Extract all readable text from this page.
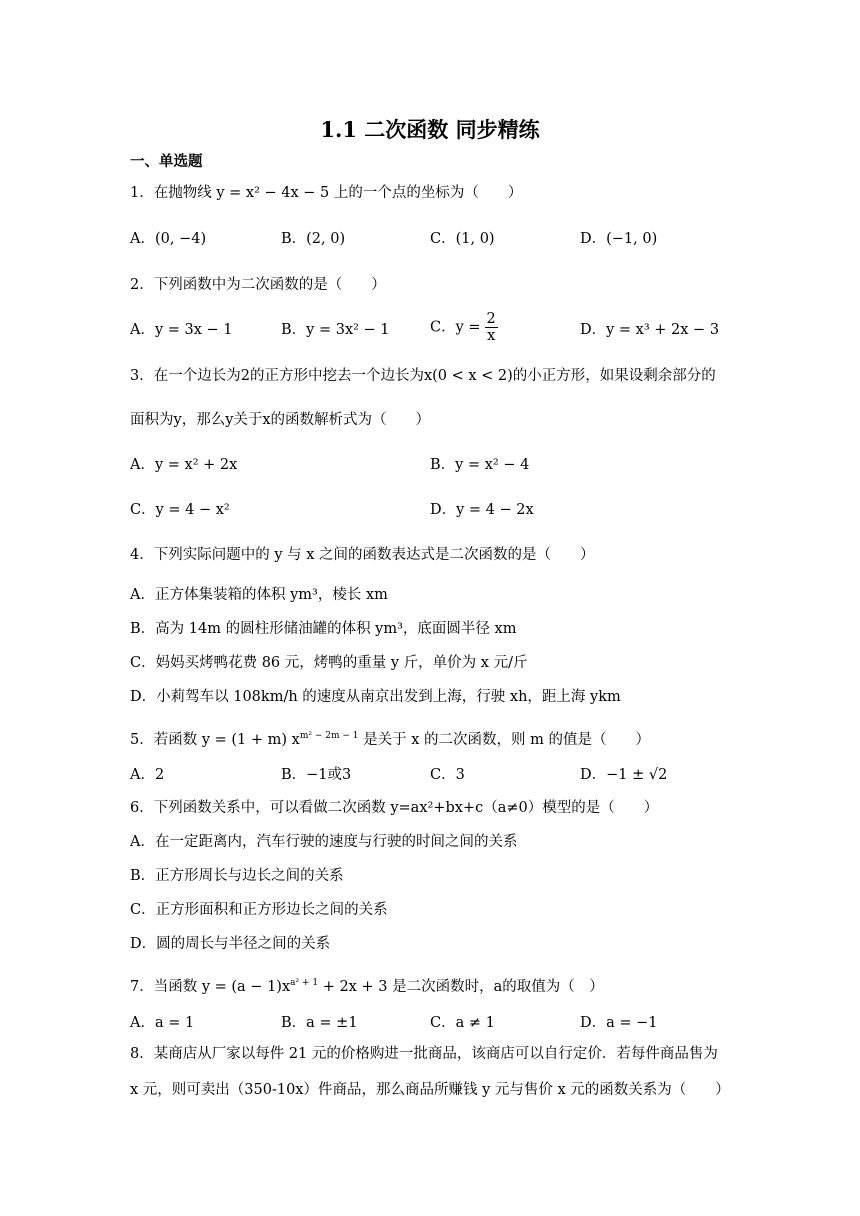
1.1 二次函数 同步精练
一、单选题
1．在抛物线 y = x² − 4x − 5 上的一个点的坐标为（　　）
A．(0, −4)	B．(2, 0)	C．(1, 0)	D．(−1, 0)
2．下列函数中为二次函数的是（　　）
A．y = 3x − 1	B．y = 3x² − 1	C．$y = \frac{2}{x}$	D．y = x³ + 2x − 3
3．在一个边长为2的正方形中挖去一个边长为x(0 < x < 2)的小正方形，如果设剩余部分的
面积为y，那么y关于x的函数解析式为（　　）
A．y = x² + 2x	B．y = x² − 4
C．y = 4 − x²	D．y = 4 − 2x
4．下列实际问题中的 y 与 x 之间的函数表达式是二次函数的是（　　）
A．正方体集装箱的体积 ym³，棱长 xm
B．高为 14m 的圆柱形储油罐的体积 ym³，底面圆半径 xm
C．妈妈买烤鸭花费 86 元，烤鸭的重量 y 斤，单价为 x 元/斤
D．小莉驾车以 108km/h 的速度从南京出发到上海，行驶 xh，距上海 ykm
5．若函数 y = (1 + m) $x^{m^2 - 2m - 1}$ 是关于 x 的二次函数，则 m 的值是（　　）
A．2	B．−1或3	C．3	D．−1 ± √2
6．下列函数关系中，可以看做二次函数 y=ax²+bx+c（a≠0）模型的是（　　）
A．在一定距离内，汽车行驶的速度与行驶的时间之间的关系
B．正方形周长与边长之间的关系
C．正方形面积和正方形边长之间的关系
D．圆的周长与半径之间的关系
7．当函数 $y = (a - 1)x^{a^2 + 1} + 2x + 3$ 是二次函数时，a的取值为（　）
A．a = 1	B．a = ±1	C．a ≠ 1	D．a = −1
8．某商店从厂家以每件 21 元的价格购进一批商品，该商店可以自行定价．若每件商品售为
x 元，则可卖出（350-10x）件商品，那么商品所赚钱 y 元与售价 x 元的函数关系为（　　）
